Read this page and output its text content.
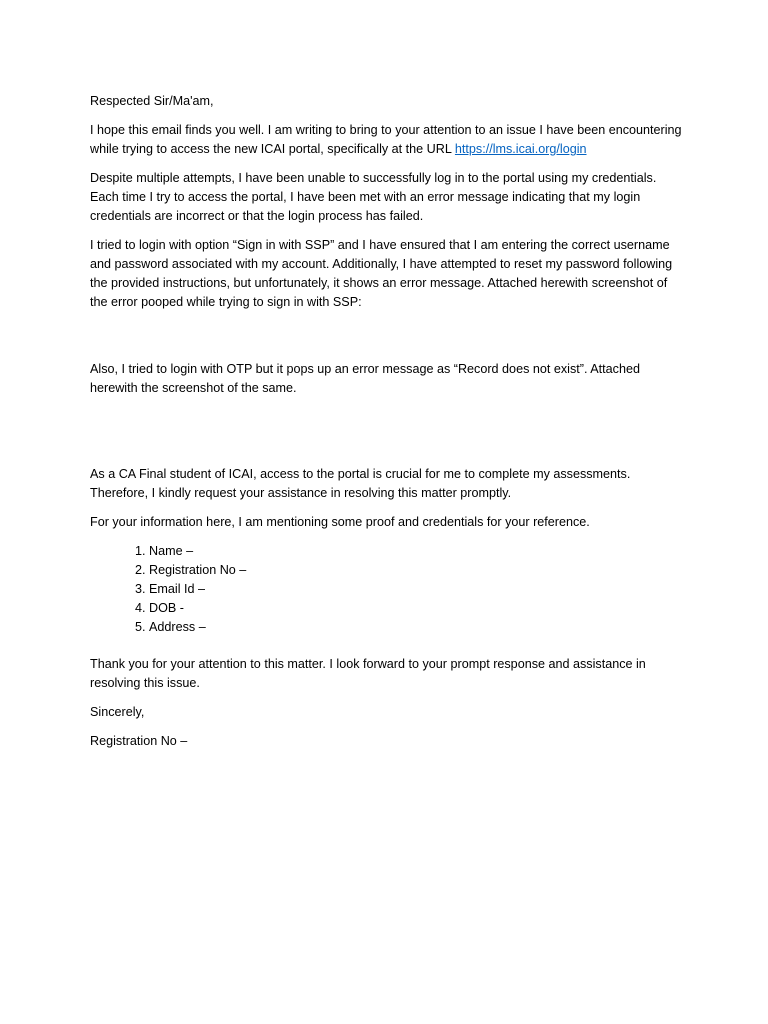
Respected Sir/Ma'am,

I hope this email finds you well. I am writing to bring to your attention to an issue I have been encountering while trying to access the new ICAI portal, specifically at the URL https://lms.icai.org/login

Despite multiple attempts, I have been unable to successfully log in to the portal using my credentials. Each time I try to access the portal, I have been met with an error message indicating that my login credentials are incorrect or that the login process has failed.

I tried to login with option “Sign in with SSP” and I have ensured that I am entering the correct username and password associated with my account. Additionally, I have attempted to reset my password following the provided instructions, but unfortunately, it shows an error message. Attached herewith screenshot of the error pooped while trying to sign in with SSP:

Also, I tried to login with OTP but it pops up an error message as “Record does not exist”. Attached herewith the screenshot of the same.

As a CA Final student of ICAI, access to the portal is crucial for me to complete my assessments. Therefore, I kindly request your assistance in resolving this matter promptly.

For your information here, I am mentioning some proof and credentials for your reference.

1. Name –
2. Registration No –
3. Email Id –
4. DOB -
5. Address –

Thank you for your attention to this matter. I look forward to your prompt response and assistance in resolving this issue.

Sincerely,

Registration No –
